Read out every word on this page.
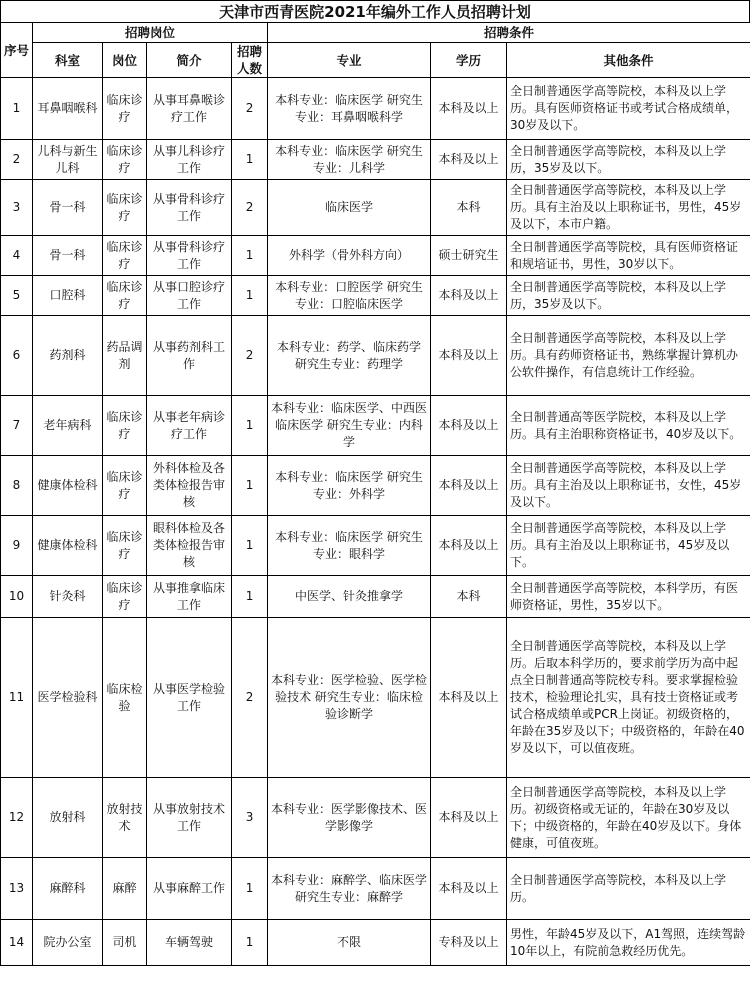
天津市西青医院2021年编外工作人员招聘计划
序号	招聘岗位				招聘条件		
	科室	岗位	简介	招聘人数	专业	学历	其他条件
1	耳鼻咽喉科	临床诊疗	从事耳鼻喉诊疗工作	2	本科专业：临床医学 研究生专业：耳鼻咽喉科学	本科及以上	全日制普通医学高等院校，本科及以上学历。具有医师资格证书或考试合格成绩单，30岁及以下。
2	儿科与新生儿科	临床诊疗	从事儿科诊疗工作	1	本科专业：临床医学 研究生专业：儿科学	本科及以上	全日制普通医学高等院校，本科及以上学历，35岁及以下。
3	骨一科	临床诊疗	从事骨科诊疗工作	2	临床医学	本科	全日制普通医学高等院校，本科及以上学历。具有主治及以上职称证书，男性，45岁及以下，本市户籍。
4	骨一科	临床诊疗	从事骨科诊疗工作	1	外科学（骨外科方向）	硕士研究生	全日制普通医学高等院校，具有医师资格证和规培证书，男性，30岁以下。
5	口腔科	临床诊疗	从事口腔诊疗工作	1	本科专业：口腔医学 研究生专业：口腔临床医学	本科及以上	全日制普通医学高等院校，本科及以上学历，35岁及以下。
6	药剂科	药品调剂	从事药剂科工作	2	本科专业：药学、临床药学 研究生专业：药理学	本科及以上	全日制普通医学高等院校，本科及以上学历。具有药师资格证书，熟练掌握计算机办公软件操作，有信息统计工作经验。
7	老年病科	临床诊疗	从事老年病诊疗工作	1	本科专业：临床医学、中西医临床医学 研究生专业：内科学	本科及以上	全日制普通高等医学院校，本科及以上学历。具有主治职称资格证书，40岁及以下。
8	健康体检科	临床诊疗	外科体检及各类体检报告审核	1	本科专业：临床医学 研究生专业：外科学	本科及以上	全日制普通医学高等院校，本科及以上学历。具有主治及以上职称证书，女性，45岁及以下。
9	健康体检科	临床诊疗	眼科体检及各类体检报告审核	1	本科专业：临床医学 研究生专业：眼科学	本科及以上	全日制普通医学高等院校，本科及以上学历。具有主治及以上职称证书，45岁及以下。
10	针灸科	临床诊疗	从事推拿临床工作	1	中医学、针灸推拿学	本科	全日制普通医学高等院校，本科学历，有医师资格证，男性，35岁以下。
11	医学检验科	临床检验	从事医学检验工作	2	本科专业：医学检验、医学检验技术 研究生专业：临床检验诊断学	本科及以上	全日制普通医学高等院校，本科及以上学历。后取本科学历的，要求前学历为高中起点全日制普通高等院校专科。要求掌握检验技术，检验理论扎实，具有技士资格证或考试合格成绩单或PCR上岗证。初级资格的，年龄在35岁及以下；中级资格的，年龄在40岁及以下，可以值夜班。
12	放射科	放射技术	从事放射技术工作	3	本科专业：医学影像技术、医学影像学	本科及以上	全日制普通医学高等院校，本科及以上学历。初级资格或无证的，年龄在30岁及以下；中级资格的，年龄在40岁及以下。身体健康，可值夜班。
13	麻醉科	麻醉	从事麻醉工作	1	本科专业：麻醉学、临床医学 研究生专业：麻醉学	本科及以上	全日制普通医学高等院校，本科及以上学历。
14	院办公室	司机	车辆驾驶	1	不限	专科及以上	男性，年龄45岁及以下，A1驾照，连续驾龄10年以上，有院前急救经历优先。
